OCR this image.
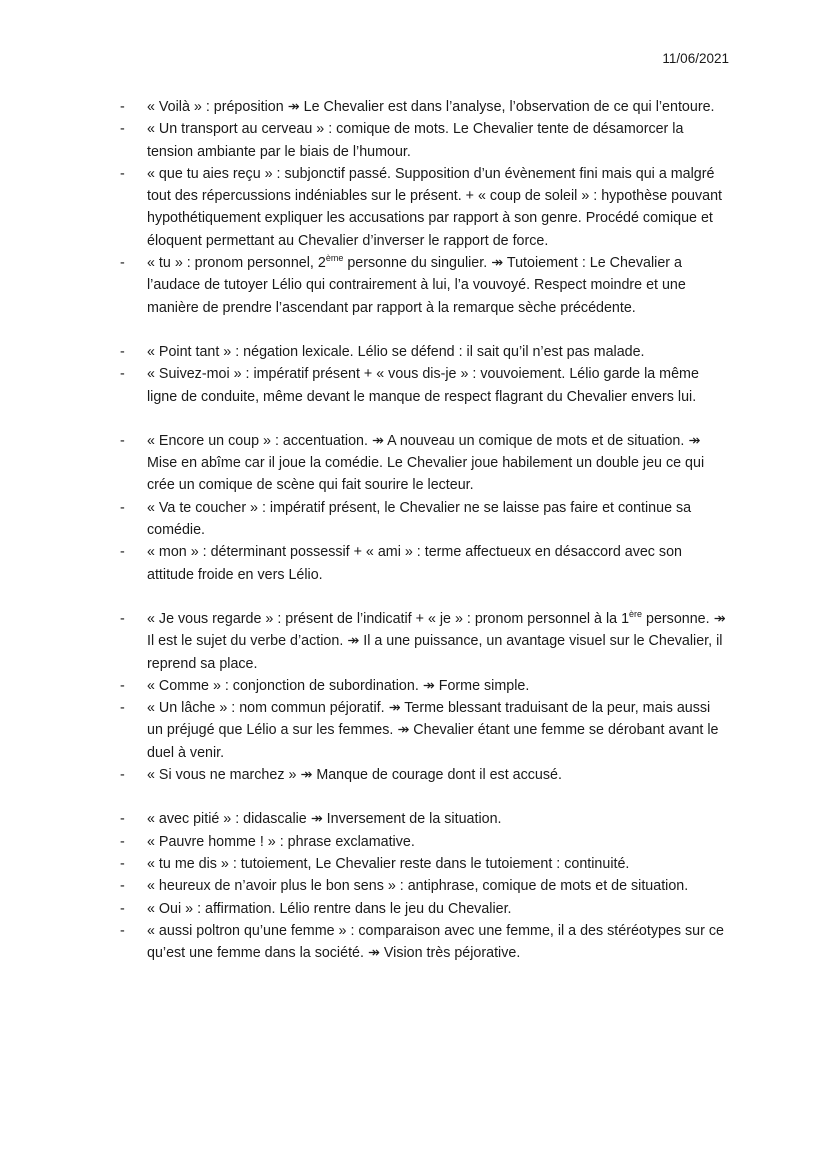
11/06/2021
- « Voilà » : préposition ↠ Le Chevalier est dans l’analyse, l’observation de ce qui l’entoure.
- « Un transport au cerveau » : comique de mots. Le Chevalier tente de désamorcer la tension ambiante par le biais de l’humour.
- « que tu aies reçu » : subjonctif passé. Supposition d’un évènement fini mais qui a malgré tout des répercussions indéniables sur le présent. + « coup de soleil » : hypothèse pouvant hypothétiquement expliquer les accusations par rapport à son genre. Procédé comique et éloquent permettant au Chevalier d’inverser le rapport de force.
- « tu » : pronom personnel, 2ème personne du singulier. ↠ Tutoiement : Le Chevalier a l’audace de tutoyer Lélio qui contrairement à lui, l’a vouvoyé. Respect moindre et une manière de prendre l’ascendant par rapport à la remarque sèche précédente.
- « Point tant » : négation lexicale. Lélio se défend : il sait qu’il n’est pas malade.
- « Suivez-moi » : impératif présent + « vous dis-je » : vouvoiement. Lélio garde la même ligne de conduite, même devant le manque de respect flagrant du Chevalier envers lui.
- « Encore un coup » : accentuation. ↠ A nouveau un comique de mots et de situation. ↠ Mise en abîme car il joue la comédie. Le Chevalier joue habilement un double jeu ce qui crée un comique de scène qui fait sourire le lecteur.
- « Va te coucher » : impératif présent, le Chevalier ne se laisse pas faire et continue sa comédie.
- « mon » : déterminant possessif + « ami » : terme affectueux en désaccord avec son attitude froide en vers Lélio.
- « Je vous regarde » : présent de l’indicatif + « je » : pronom personnel à la 1ère personne. ↠ Il est le sujet du verbe d’action. ↠ Il a une puissance, un avantage visuel sur le Chevalier, il reprend sa place.
- « Comme » : conjonction de subordination. ↠ Forme simple.
- « Un lâche » : nom commun péjoratif. ↠ Terme blessant traduisant de la peur, mais aussi un préjugé que Lélio a sur les femmes. ↠ Chevalier étant une femme se dérobant avant le duel à venir.
- « Si vous ne marchez » ↠ Manque de courage dont il est accusé.
- « avec pitié » : didascalie ↠ Inversement de la situation.
- « Pauvre homme ! » : phrase exclamative.
- « tu me dis » : tutoiement, Le Chevalier reste dans le tutoiement : continuité.
- « heureux de n’avoir plus le bon sens » : antiphrase, comique de mots et de situation.
- « Oui » : affirmation. Lélio rentre dans le jeu du Chevalier.
- « aussi poltron qu’une femme » : comparaison avec une femme, il a des stéréotypes sur ce qu’est une femme dans la société. ↠ Vision très péjorative.
